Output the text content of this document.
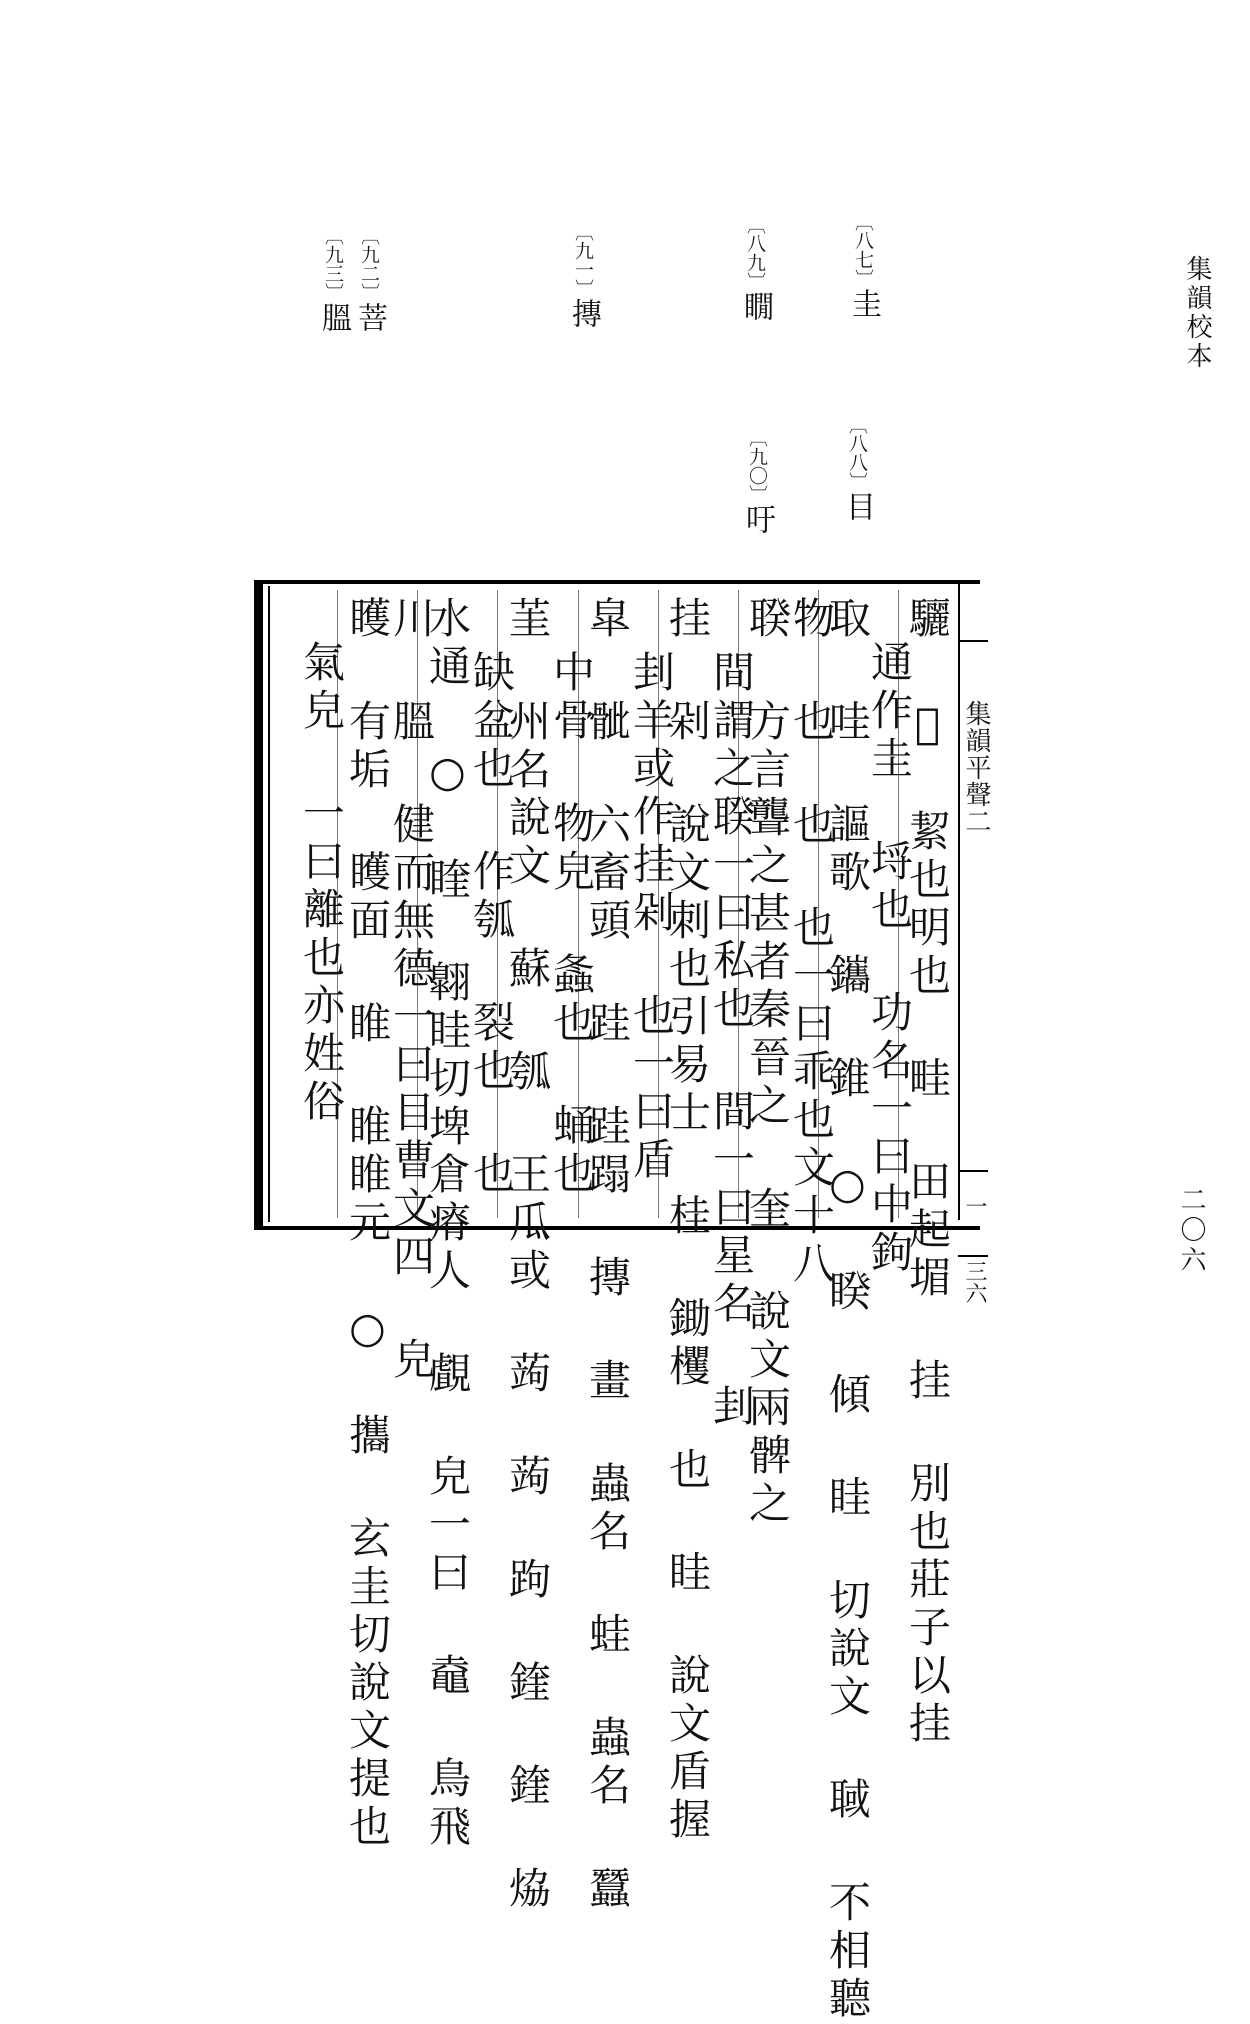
集韻校本
二〇六
〔八七〕圭
〔八八〕目
〔八九〕瞯
〔九〇〕吁
〔九一〕摶
〔九二〕菩
〔九三〕膃
集韻平聲二
一
三六
驪 𪅗 絜也明也 畦 田起堳 挂 別也莊子以挂
通作圭 埒也 功名一曰中鉤
取 哇 謳歌 鑴 錐 ○ 睽 傾 眭 切說文 聝 不相聽
物 也 也 也一曰乖也文十八
聧 方言聾之甚者秦晉之 奎 說文兩髀之
間謂之聧一曰私也 間一曰星名 刲
挂 剁 說文刺也引易士 桂 鋤欔 也 眭 說文盾握
刲羊或作挂剁 也一曰盾
皐 骴 六畜頭 跬 跬蹋 摶 畫 蟲名 蛙 蟲名 蠶
中骨 物皃 螽也 蛹也
茥 州名說文 蘇 瓠 王瓜或 蒟 蒟 跔 鍷 鍷 㶸
缺盆也 作瓠 裂也 也
水通 ○ 睳 翺眭切埤倉瘠人 覰 皃一曰 鼀 鳥飛
川 膃 健而無德一曰目曹文四 皃
矆 有垢 矆面 睢 睢睢元 ○ 攜 玄圭切說文提也
氣皃 一曰離也亦姓俗
